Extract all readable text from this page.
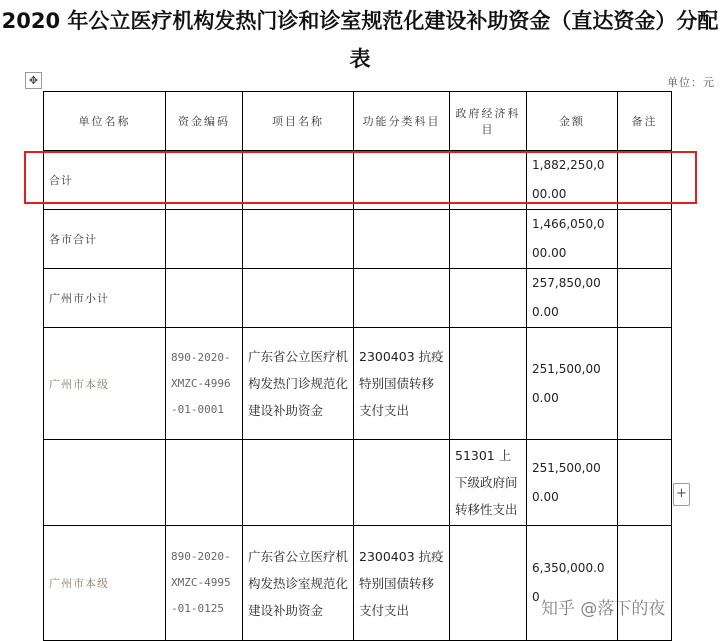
2020 年公立医疗机构发热门诊和诊室规范化建设补助资金（直达资金）分配表
✥	单位：元
单位名称	资金编码	项目名称	功能分类科目	政府经济科目	金额	备注
合计					1,882,250,000.00	
各市合计					1,466,050,000.00	
广州市小计					257,850,000.00	
广州市本级	890-2020-XMZC-4996-01-0001	广东省公立医疗机构发热门诊规范化建设补助资金	2300403 抗疫特别国债转移支付支出		251,500,000.00	
				51301 上下级政府间转移性支出	251,500,000.00	
广州市本级	890-2020-XMZC-4995-01-0125	广东省公立医疗机构发热诊室规范化建设补助资金	2300403 抗疫特别国债转移支付支出		6,350,000.00	
+
知乎 @落下的夜
